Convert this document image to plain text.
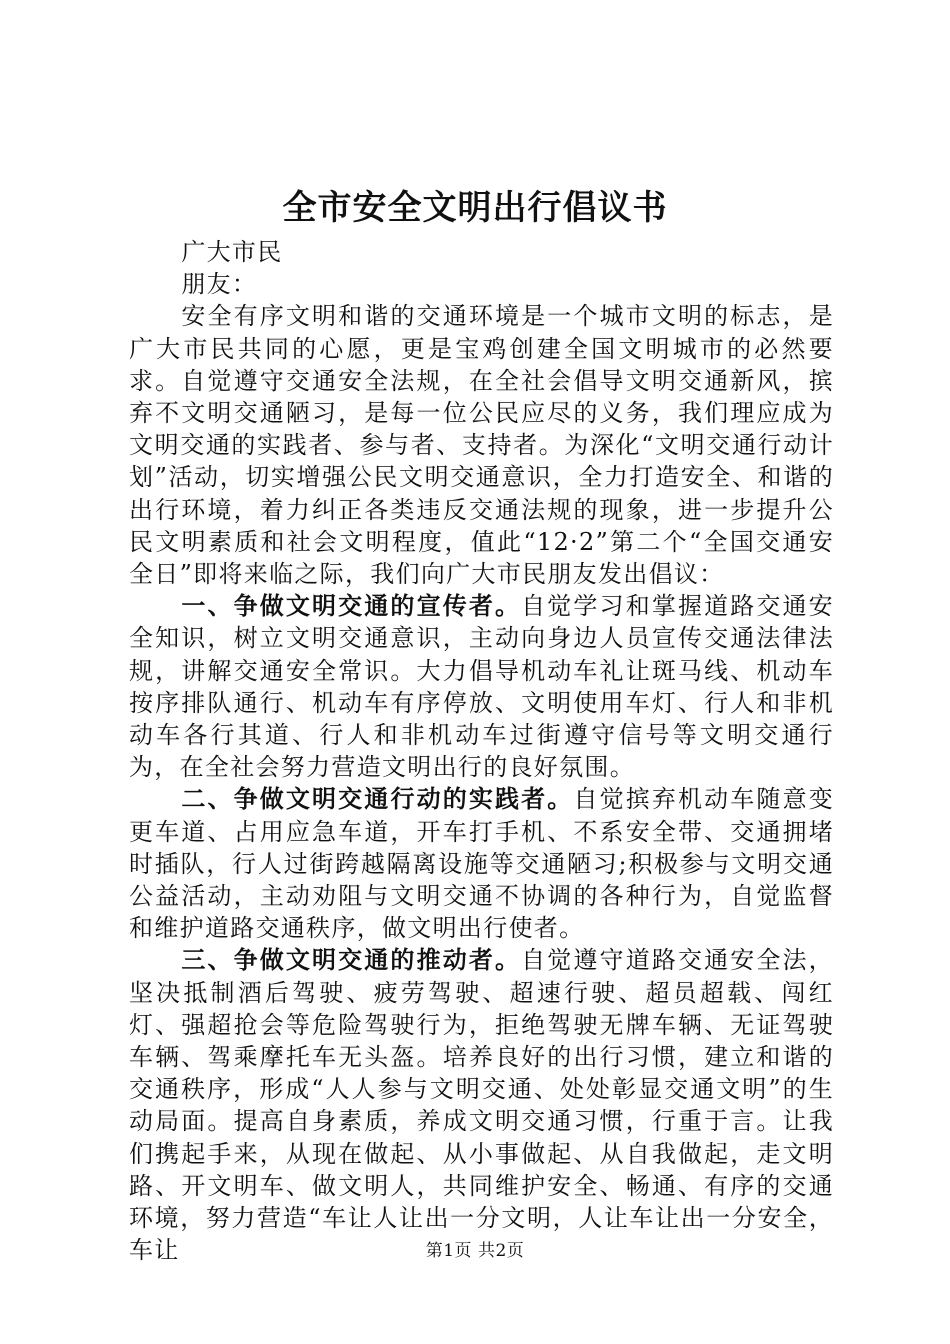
全市安全文明出行倡议书

广大市民

朋友：

安全有序文明和谐的交通环境是一个城市文明的标志，是广大市民共同的心愿，更是宝鸡创建全国文明城市的必然要求。自觉遵守交通安全法规，在全社会倡导文明交通新风，摈弃不文明交通陋习，是每一位公民应尽的义务，我们理应成为文明交通的实践者、参与者、支持者。为深化“文明交通行动计划”活动，切实增强公民文明交通意识，全力打造安全、和谐的出行环境，着力纠正各类违反交通法规的现象，进一步提升公民文明素质和社会文明程度，值此“12·2”第二个“全国交通安全日”即将来临之际，我们向广大市民朋友发出倡议：

一、争做文明交通的宣传者。自觉学习和掌握道路交通安全知识，树立文明交通意识，主动向身边人员宣传交通法律法规，讲解交通安全常识。大力倡导机动车礼让斑马线、机动车按序排队通行、机动车有序停放、文明使用车灯、行人和非机动车各行其道、行人和非机动车过街遵守信号等文明交通行为，在全社会努力营造文明出行的良好氛围。

二、争做文明交通行动的实践者。自觉摈弃机动车随意变更车道、占用应急车道，开车打手机、不系安全带、交通拥堵时插队，行人过街跨越隔离设施等交通陋习;积极参与文明交通公益活动，主动劝阻与文明交通不协调的各种行为，自觉监督和维护道路交通秩序，做文明出行使者。

三、争做文明交通的推动者。自觉遵守道路交通安全法，坚决抵制酒后驾驶、疲劳驾驶、超速行驶、超员超载、闯红灯、强超抢会等危险驾驶行为，拒绝驾驶无牌车辆、无证驾驶车辆、驾乘摩托车无头盔。培养良好的出行习惯，建立和谐的交通秩序，形成“人人参与文明交通、处处彰显交通文明”的生动局面。提高自身素质，养成文明交通习惯，行重于言。让我们携起手来，从现在做起、从小事做起、从自我做起，走文明路、开文明车、做文明人，共同维护安全、畅通、有序的交通环境，努力营造“车让人让出一分文明，人让车让出一分安全，车让	第1页 共2页
